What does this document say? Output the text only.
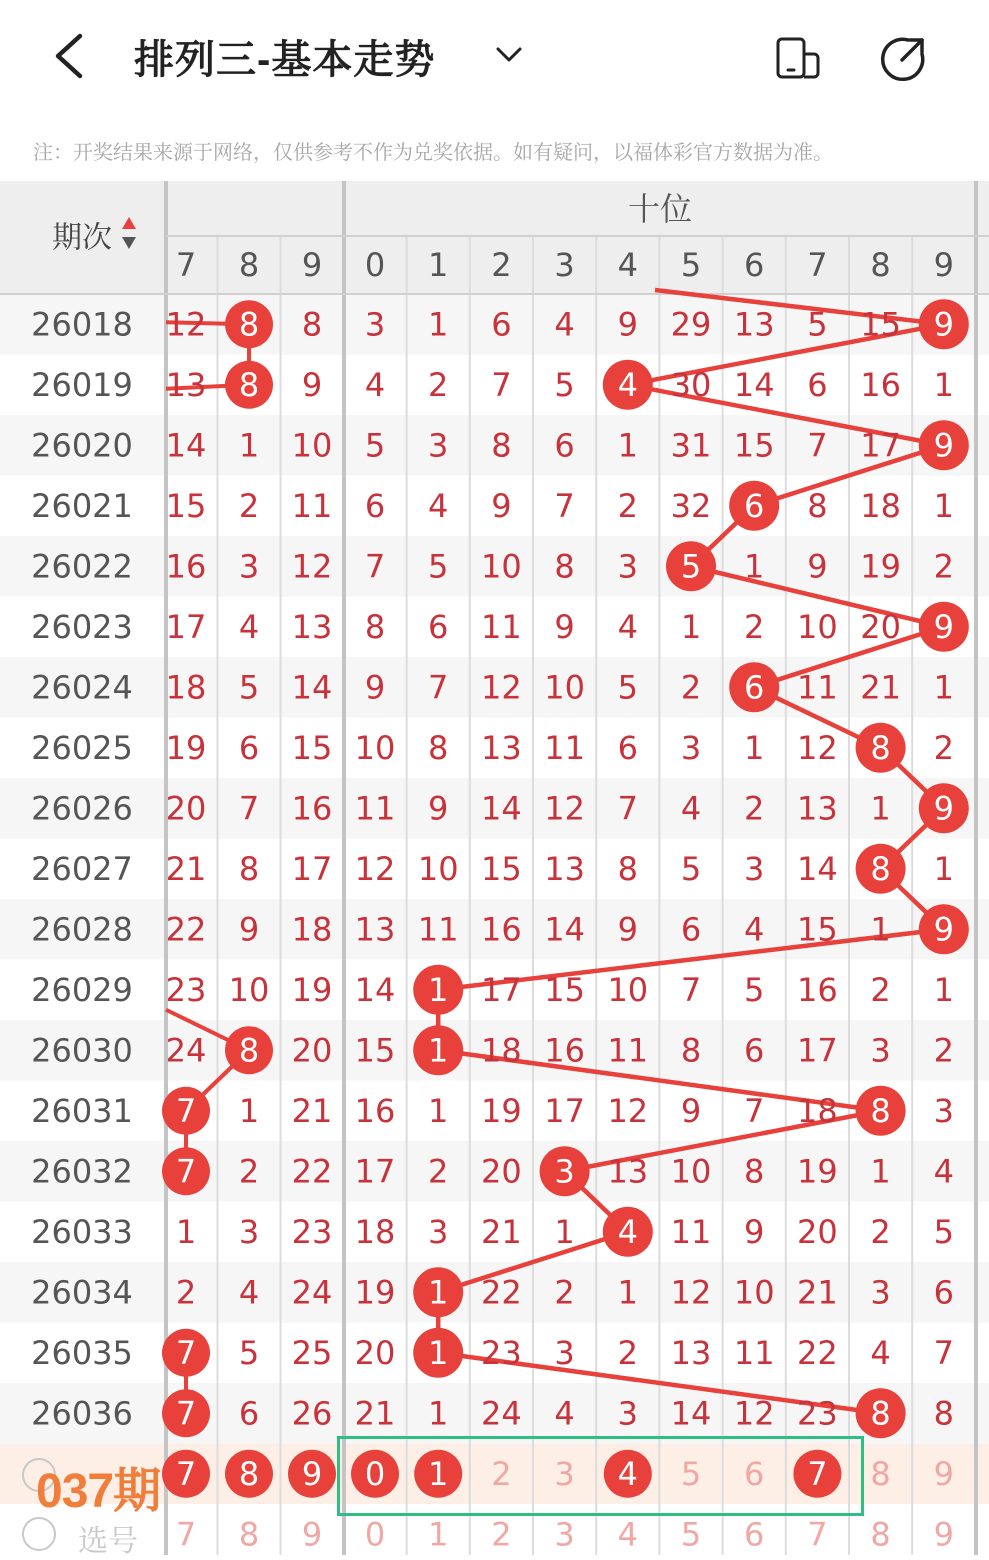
排列三-基本走势
注：开奖结果来源于网络，仅供参考不作为兑奖依据。如有疑问，以福体彩官方数据为准。
期次
十位
7 8 9 0 1 2 3 4 5 6 7 8 9
26018 12 8 8 3 1 6 4 9 29 13 5 15 9
26019 13 8 9 4 2 7 5 4 30 14 6 16 1
26020 14 1 10 5 3 8 6 1 31 15 7 17 9
26021 15 2 11 6 4 9 7 2 32 6 8 18 1
26022 16 3 12 7 5 10 8 3 5 1 9 19 2
26023 17 4 13 8 6 11 9 4 1 2 10 20 9
26024 18 5 14 9 7 12 10 5 2 6 11 21 1
26025 19 6 15 10 8 13 11 6 3 1 12 8 2
26026 20 7 16 11 9 14 12 7 4 2 13 1 9
26027 21 8 17 12 10 15 13 8 5 3 14 8 1
26028 22 9 18 13 11 16 14 9 6 4 15 1 9
26029 23 10 19 14 1 17 15 10 7 5 16 2 1
26030 24 8 20 15 1 18 16 11 8 6 17 3 2
26031 7 1 21 16 1 19 17 12 9 7 18 8 3
26032 7 2 22 17 2 20 3 13 10 8 19 1 4
26033 1 3 23 18 3 21 1 4 11 9 20 2 5
26034 2 4 24 19 1 22 2 1 12 10 21 3 6
26035 7 5 25 20 1 23 3 2 13 11 22 4 7
26036 7 6 26 21 1 24 4 3 14 12 23 8 8
7 8 9 0 1 2 3 4 5 6 7 8 9
7 8 9 0 1 2 3 4 5 6 7 8 9
037期
选号
